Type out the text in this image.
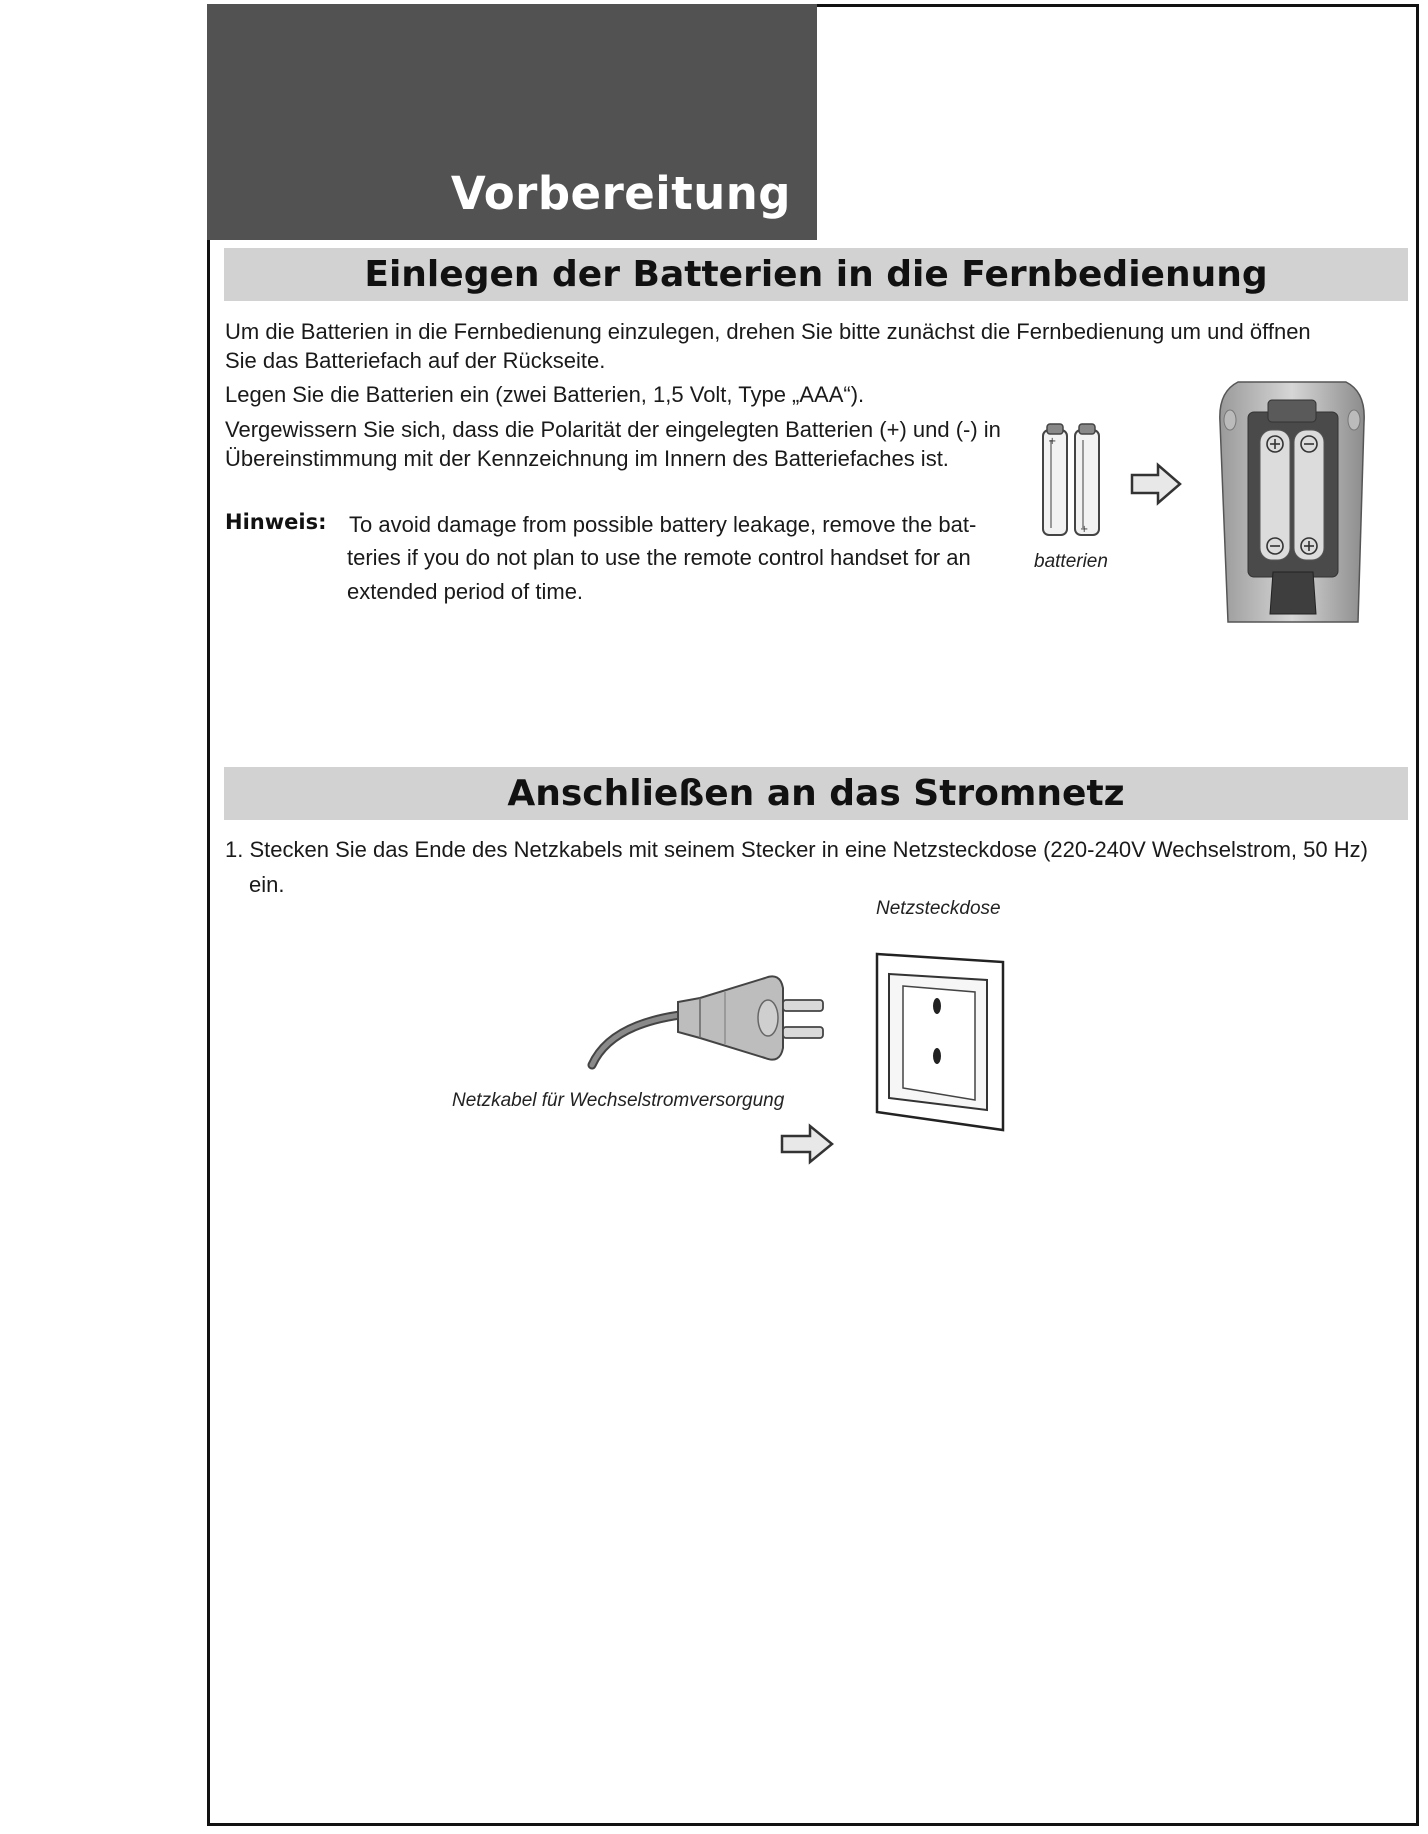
Vorbereitung
Einlegen der Batterien in die Fernbedienung

Um die Batterien in die Fernbedienung einzulegen, drehen Sie bitte zunächst die Fernbedienung um und öffnen

Sie das Batteriefach auf der Rückseite.

Legen Sie die Batterien ein (zwei Batterien, 1,5 Volt, Type „AAA“).

Vergewissern Sie sich, dass die Polarität der eingelegten Batterien (+) und (-) in

Übereinstimmung mit der Kennzeichnung im Innern des Batteriefaches ist.

Hinweis: To avoid damage from possible battery leakage, remove the bat-

teries if you do not plan to use the remote control handset for an

extended period of time.

+
+
batterien
Anschließen an das Stromnetz

1. Stecken Sie das Ende des Netzkabels mit seinem Stecker in eine Netzsteckdose (220-240V Wechselstrom, 50 Hz)

ein.

Netzsteckdose
Netzkabel für Wechselstromversorgung
